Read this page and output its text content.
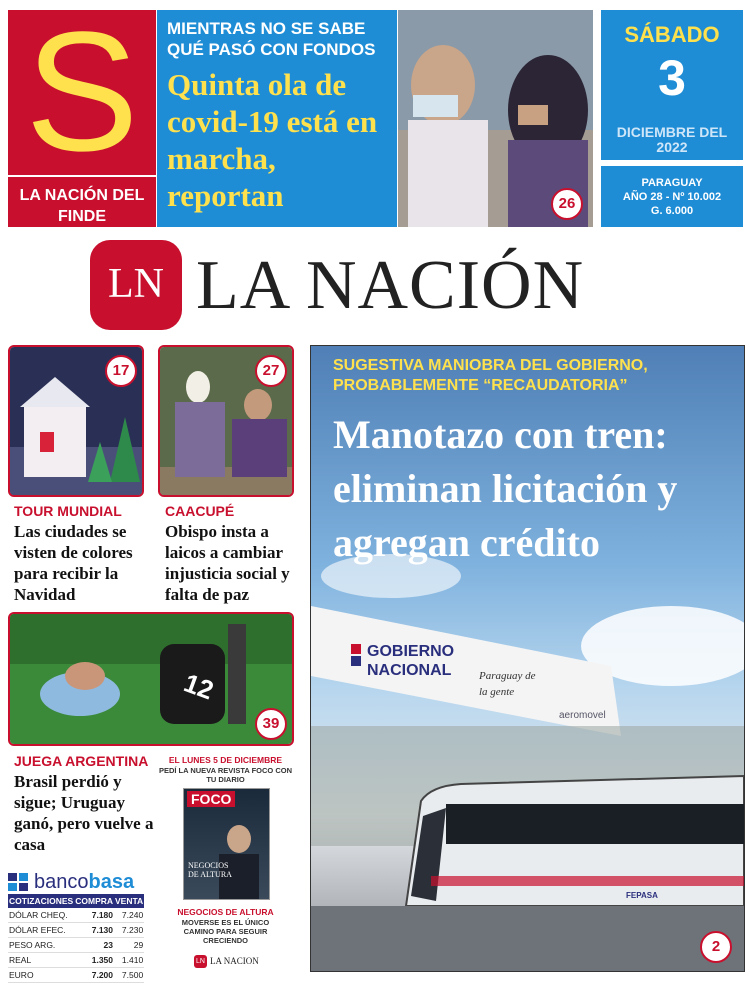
S
LA NACIÓN DEL FINDE
MIENTRAS NO SE SABE QUÉ PASÓ CON FONDOS
Quinta ola de covid-19 está en marcha, reportan	26
SÁBADO
3
DICIEMBRE DEL 2022
PARAGUAY
AÑO 28 - Nº 10.002
G. 6.000
LN LA NACIÓN
17
TOUR MUNDIAL
Las ciudades se visten de colores para recibir la Navidad
27
CAACUPÉ
Obispo insta a laicos a cambiar injusticia social y falta de paz
12
39
JUEGA ARGENTINA
Brasil perdió y sigue; Uruguay ganó, pero vuelve a casa
EL LUNES 5 DE DICIEMBRE
PEDÍ LA NUEVA REVISTA FOCO CON TU DIARIO
FOCO
NEGOCIOS DE ALTURA
NEGOCIOS DE ALTURA
MOVERSE ES EL ÚNICO CAMINO PARA SEGUIR CRECIENDO
LN LA NACION
bancobasa
COTIZACIONES	COMPRA	VENTA
DÓLAR CHEQ.	7.180	7.240
DÓLAR EFEC.	7.130	7.230
PESO ARG.	23	29
REAL	1.350	1.410
EURO	7.200	7.500
GOBIERNO
NACIONAL	Paraguay de la gente
aeromovel
FEPASA
SUGESTIVA MANIOBRA DEL GOBIERNO, PROBABLEMENTE “RECAUDATORIA”
Manotazo con tren: eliminan licitación y agregan crédito
2
